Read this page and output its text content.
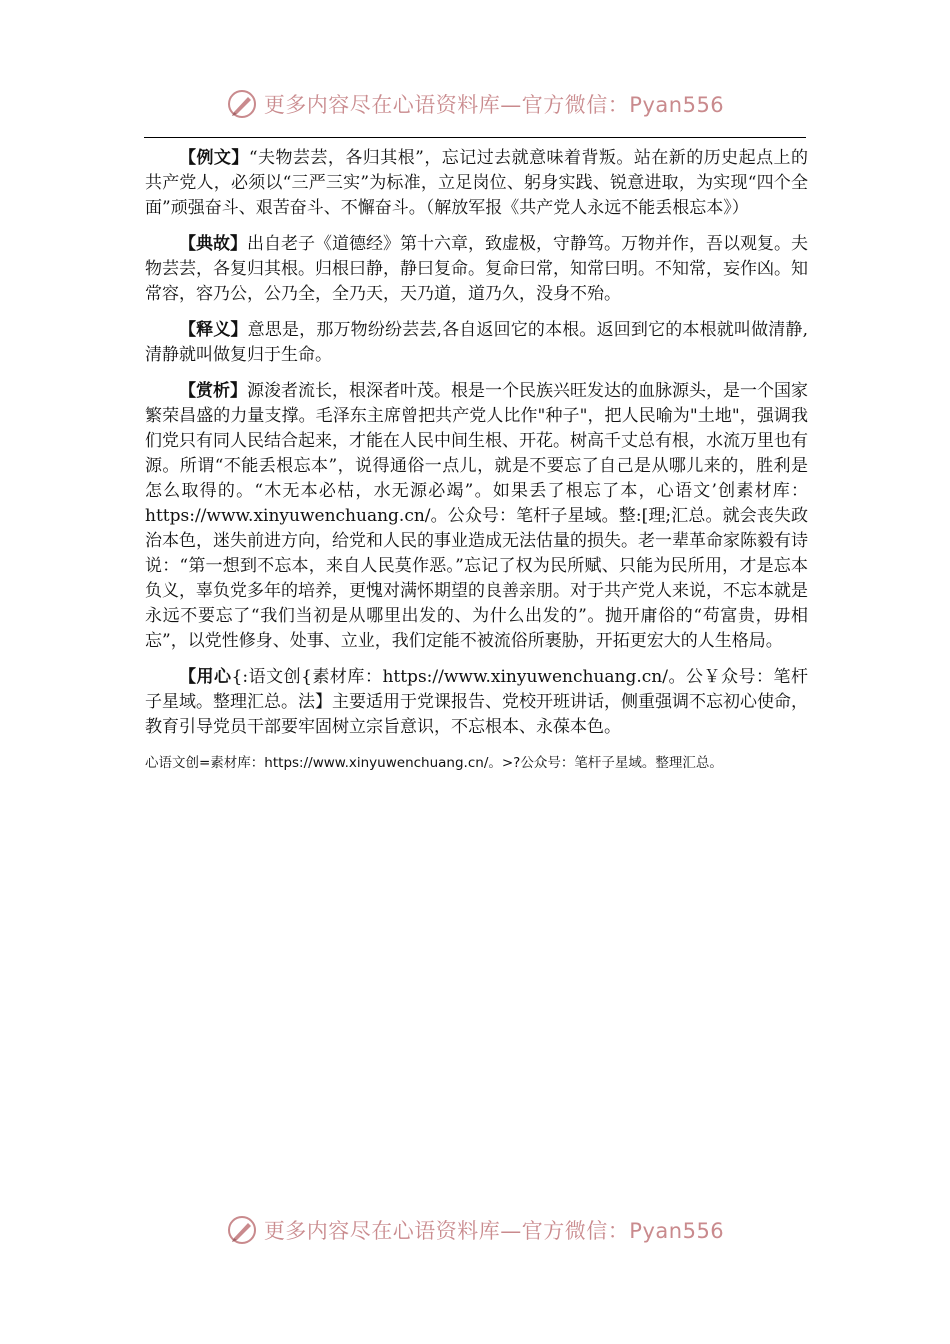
更多内容尽在心语资料库—官方微信：Pyan556

【例文】“夫物芸芸，各归其根”，忘记过去就意味着背叛。站在新的历史起点上的共产党人，必须以“三严三实”为标准，立足岗位、躬身实践、锐意进取，为实现“四个全面”顽强奋斗、艰苦奋斗、不懈奋斗。（解放军报《共产党人永远不能丢根忘本》）

【典故】出自老子《道德经》第十六章，致虚极，守静笃。万物并作，吾以观复。夫物芸芸，各复归其根。归根曰静，静曰复命。复命曰常，知常曰明。不知常，妄作凶。知常容，容乃公，公乃全，全乃天，天乃道，道乃久，没身不殆。

【释义】意思是，那万物纷纷芸芸,各自返回它的本根。返回到它的本根就叫做清静,清静就叫做复归于生命。

【赏析】源浚者流长，根深者叶茂。根是一个民族兴旺发达的血脉源头，是一个国家繁荣昌盛的力量支撑。毛泽东主席曾把共产党人比作"种子"，把人民喻为"土地"，强调我们党只有同人民结合起来，才能在人民中间生根、开花。树高千丈总有根，水流万里也有源。所谓“不能丢根忘本”，说得通俗一点儿，就是不要忘了自己是从哪儿来的，胜利是怎么取得的。“木无本必枯，水无源必竭”。如果丢了根忘了本，心语文’创素材库：https://www.xinyuwenchuang.cn/。公众号：笔杆子星域。整:[理;汇总。就会丧失政治本色，迷失前进方向，给党和人民的事业造成无法估量的损失。老一辈革命家陈毅有诗说：“第一想到不忘本，来自人民莫作恶。”忘记了权为民所赋、只能为民所用，才是忘本负义，辜负党多年的培养，更愧对满怀期望的良善亲朋。对于共产党人来说，不忘本就是永远不要忘了“我们当初是从哪里出发的、为什么出发的”。抛开庸俗的“苟富贵，毋相忘”，以党性修身、处事、立业，我们定能不被流俗所裹胁，开拓更宏大的人生格局。

【用心{:语文创{素材库：https://www.xinyuwenchuang.cn/。公￥众号：笔杆子星域。整理汇总。法】主要适用于党课报告、党校开班讲话，侧重强调不忘初心使命，教育引导党员干部要牢固树立宗旨意识，不忘根本、永葆本色。

心语文创=素材库：https://www.xinyuwenchuang.cn/。>?公众号：笔杆子星域。整理汇总。

更多内容尽在心语资料库—官方微信：Pyan556
